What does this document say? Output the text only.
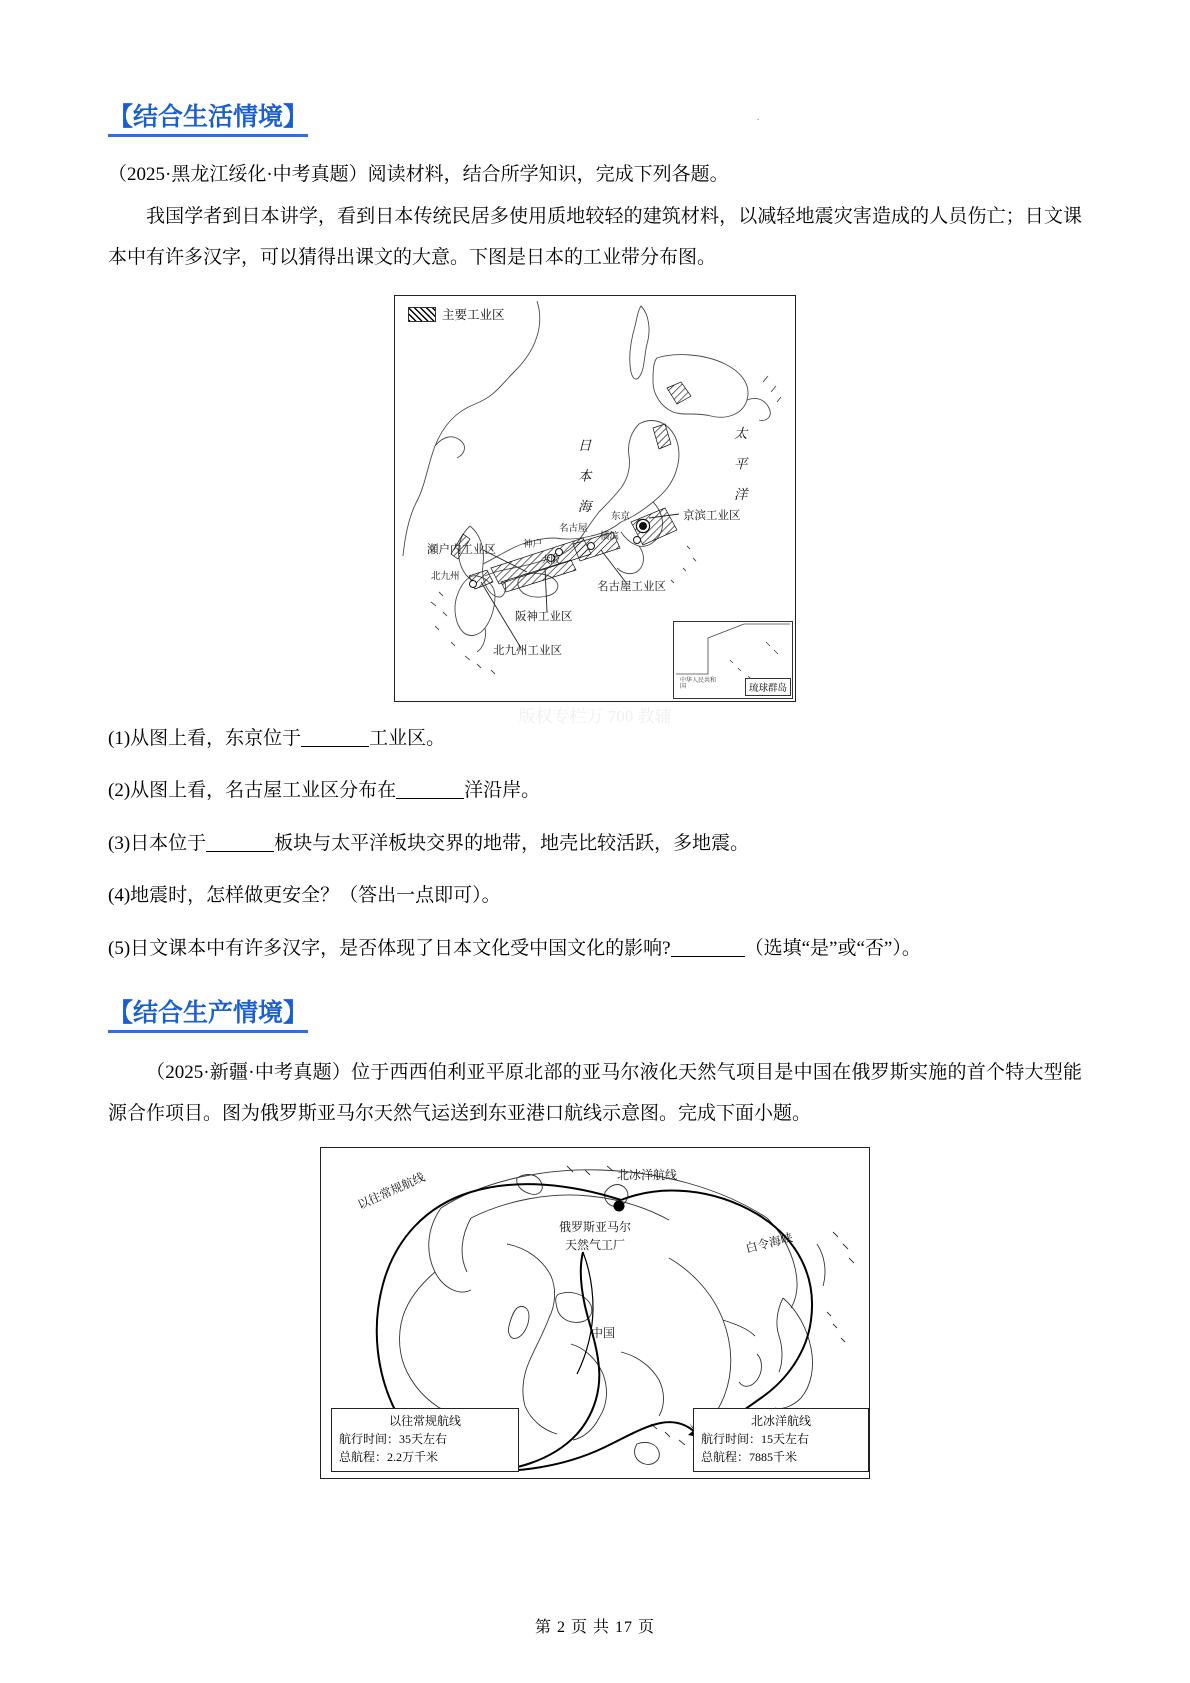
.
【结合生活情境】
（2025·黑龙江绥化·中考真题）阅读材料，结合所学知识，完成下列各题。
我国学者到日本讲学，看到日本传统民居多使用质地较轻的建筑材料，以减轻地震灾害造成的人员伤亡；日文课本中有许多汉字，可以猜得出课文的大意。下图是日本的工业带分布图。
主要工业区
日 本 海	太 平 洋
瀬户内工业区
京滨工业区
名古屋工业区
阪神工业区
北九州工业区
东京
横滨
名古屋
神户
大阪
北九州
中华人民共和国	琉球群岛
版权专栏万 700 教辅
(1)从图上看，东京位于	工业区。
(2)从图上看，名古屋工业区分布在	洋沿岸。
(3)日本位于	板块与太平洋板块交界的地带，地壳比较活跃，多地震。
(4)地震时，怎样做更安全？（答出一点即可）。
(5)日文课本中有许多汉字，是否体现了日本文化受中国文化的影响?	（选填“是”或“否”）。
【结合生产情境】
（2025·新疆·中考真题）位于西西伯利亚平原北部的亚马尔液化天然气项目是中国在俄罗斯实施的首个特大型能源合作项目。图为俄罗斯亚马尔天然气运送到东亚港口航线示意图。完成下面小题。
以往常规航线	北冰洋航线
俄罗斯亚马尔
天然气工厂	白令海峡
中国
以往常规航线
航行时间：35天左右
总航程：2.2万千米
北冰洋航线
航行时间：15天左右
总航程：7885千米
第 2 页 共 17 页
